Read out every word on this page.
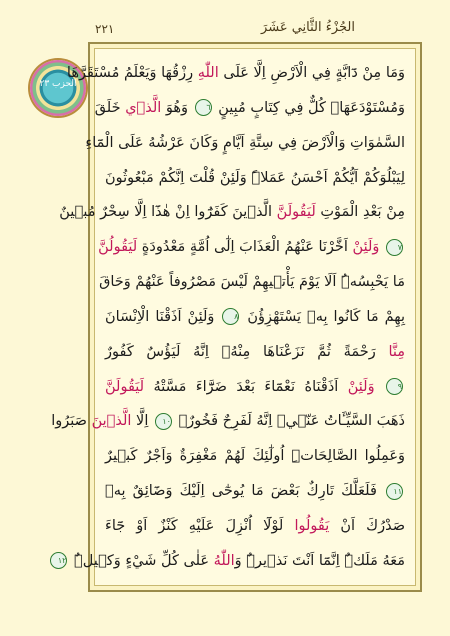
٢٢١	الجُزْءُ الثَّانِي عَشَرَ
الحزب ٢٣
وَمَا مِنْ دَٓابَّةٍ فِي الْاَرْضِ اِلَّا عَلَى اللّٰهِ رِزْقُهَا وَيَعْلَمُ مُسْتَقَرَّهَا
وَمُسْتَوْدَعَهَاۜ كُلٌّ فِي كِتَابٍ مُبِينٍ ٦ وَهُوَ الَّذٖي خَلَقَ
السَّمٰوَاتِ وَالْاَرْضَ فِي سِتَّةِ اَيَّامٍ وَكَانَ عَرْشُهُ عَلَى الْمَٓاءِ
لِيَبْلُوَكُمْ اَيُّكُمْ اَحْسَنُ عَمَلاًۜ وَلَئِنْ قُلْتَ اِنَّكُمْ مَبْعُوثُونَ
مِنْ بَعْدِ الْمَوْتِ لَيَقُولَنَّ الَّذٖينَ كَفَرُٓوا اِنْ هٰذَٓا اِلَّا سِحْرٌ مُبٖينٌ
٧ وَلَئِنْ اَخَّرْنَا عَنْهُمُ الْعَذَابَ اِلٰٓى اُمَّةٍ مَعْدُودَةٍ لَيَقُولُنَّ
مَا يَحْبِسُهُۜ اَلَا يَوْمَ يَأْتٖيهِمْ لَيْسَ مَصْرُوفاً عَنْهُمْ وَحَاقَ
بِهِمْ مَا كَانُوا بِهٖ يَسْتَهْزِؤُنَ ٨ وَلَئِنْ اَذَقْنَا الْاِنْسَانَ
مِنَّا رَحْمَةً ثُمَّ نَزَعْنَاهَا مِنْهُۚ اِنَّهُ لَيَؤُسٌ كَفُورٌ
٩ وَلَئِنْ اَذَقْنَاهُ نَعْمَٓاءَ بَعْدَ ضَرَّٓاءَ مَسَّتْهُ لَيَقُولَنَّ
ذَهَبَ السَّيِّـَٔاتُ عَنّٖيۜ اِنَّهُ لَفَرِحٌ فَخُورٌۙ ١٠ اِلَّا الَّذٖينَ صَبَرُوا
وَعَمِلُوا الصَّالِحَاتِۜ اُولٰٓئِكَ لَهُمْ مَغْفِرَةٌ وَاَجْرٌ كَبٖيرٌ
١١ فَلَعَلَّكَ تَارِكٌ بَعْضَ مَا يُوحٰٓى اِلَيْكَ وَضَٓائِقٌ بِهٖ
صَدْرُكَ اَنْ يَقُولُوا لَوْلَٓا اُنْزِلَ عَلَيْهِ كَنْزٌ اَوْ جَٓاءَ
مَعَهُ مَلَكٌۜ اِنَّمَٓا اَنْتَ نَذٖيرٌۜ وَاللّٰهُ عَلٰى كُلِّ شَيْءٍ وَكٖيلٌۜ ١٢
